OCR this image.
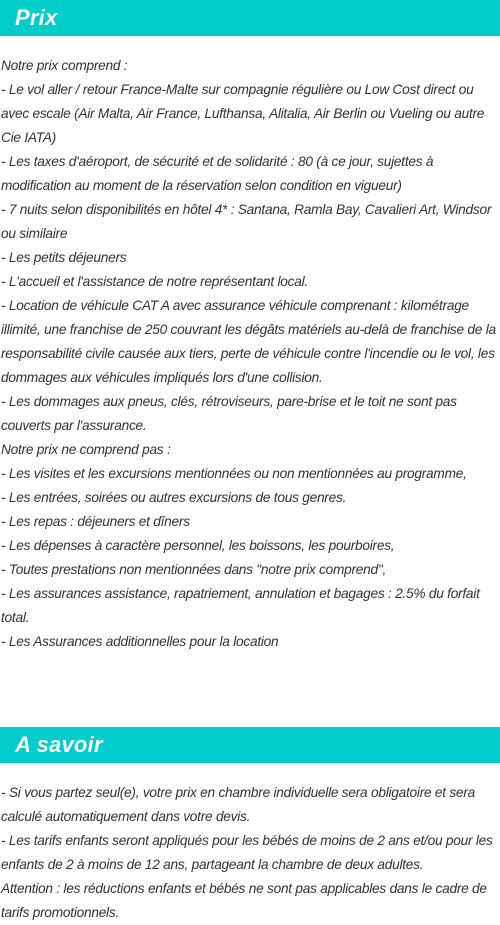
Prix

Notre prix comprend :

- Le vol aller / retour France-Malte sur compagnie régulière ou Low Cost direct ou avec escale (Air Malta, Air France, Lufthansa, Alitalia, Air Berlin ou Vueling ou autre Cie IATA)

- Les taxes d'aéroport, de sécurité et de solidarité : 80 (à ce jour, sujettes à modification au moment de la réservation selon condition en vigueur)

- 7 nuits selon disponibilités en hôtel 4* : Santana, Ramla Bay, Cavalieri Art, Windsor ou similaire

- Les petits déjeuners

- L'accueil et l'assistance de notre représentant local.

- Location de véhicule CAT A avec assurance véhicule comprenant : kilométrage illimité, une franchise de 250 couvrant les dégâts matériels au-delà de franchise de la responsabilité civile causée aux tiers, perte de véhicule contre l'incendie ou le vol, les dommages aux véhicules impliqués lors d'une collision.

- Les dommages aux pneus, clés, rétroviseurs, pare-brise et le toit ne sont pas couverts par l'assurance.

Notre prix ne comprend pas :

- Les visites et les excursions mentionnées ou non mentionnées au programme,

- Les entrées, soirées ou autres excursions de tous genres.

- Les repas : déjeuners et dîners

- Les dépenses à caractère personnel, les boissons, les pourboires,

- Toutes prestations non mentionnées dans "notre prix comprend",

- Les assurances assistance, rapatriement, annulation et bagages : 2.5% du forfait total.

- Les Assurances additionnelles pour la location

A savoir

- Si vous partez seul(e), votre prix en chambre individuelle sera obligatoire et sera calculé automatiquement dans votre devis.

- Les tarifs enfants seront appliqués pour les bébés de moins de 2 ans et/ou pour les enfants de 2 à moins de 12 ans, partageant la chambre de deux adultes.

Attention : les réductions enfants et bébés ne sont pas applicables dans le cadre de tarifs promotionnels.
